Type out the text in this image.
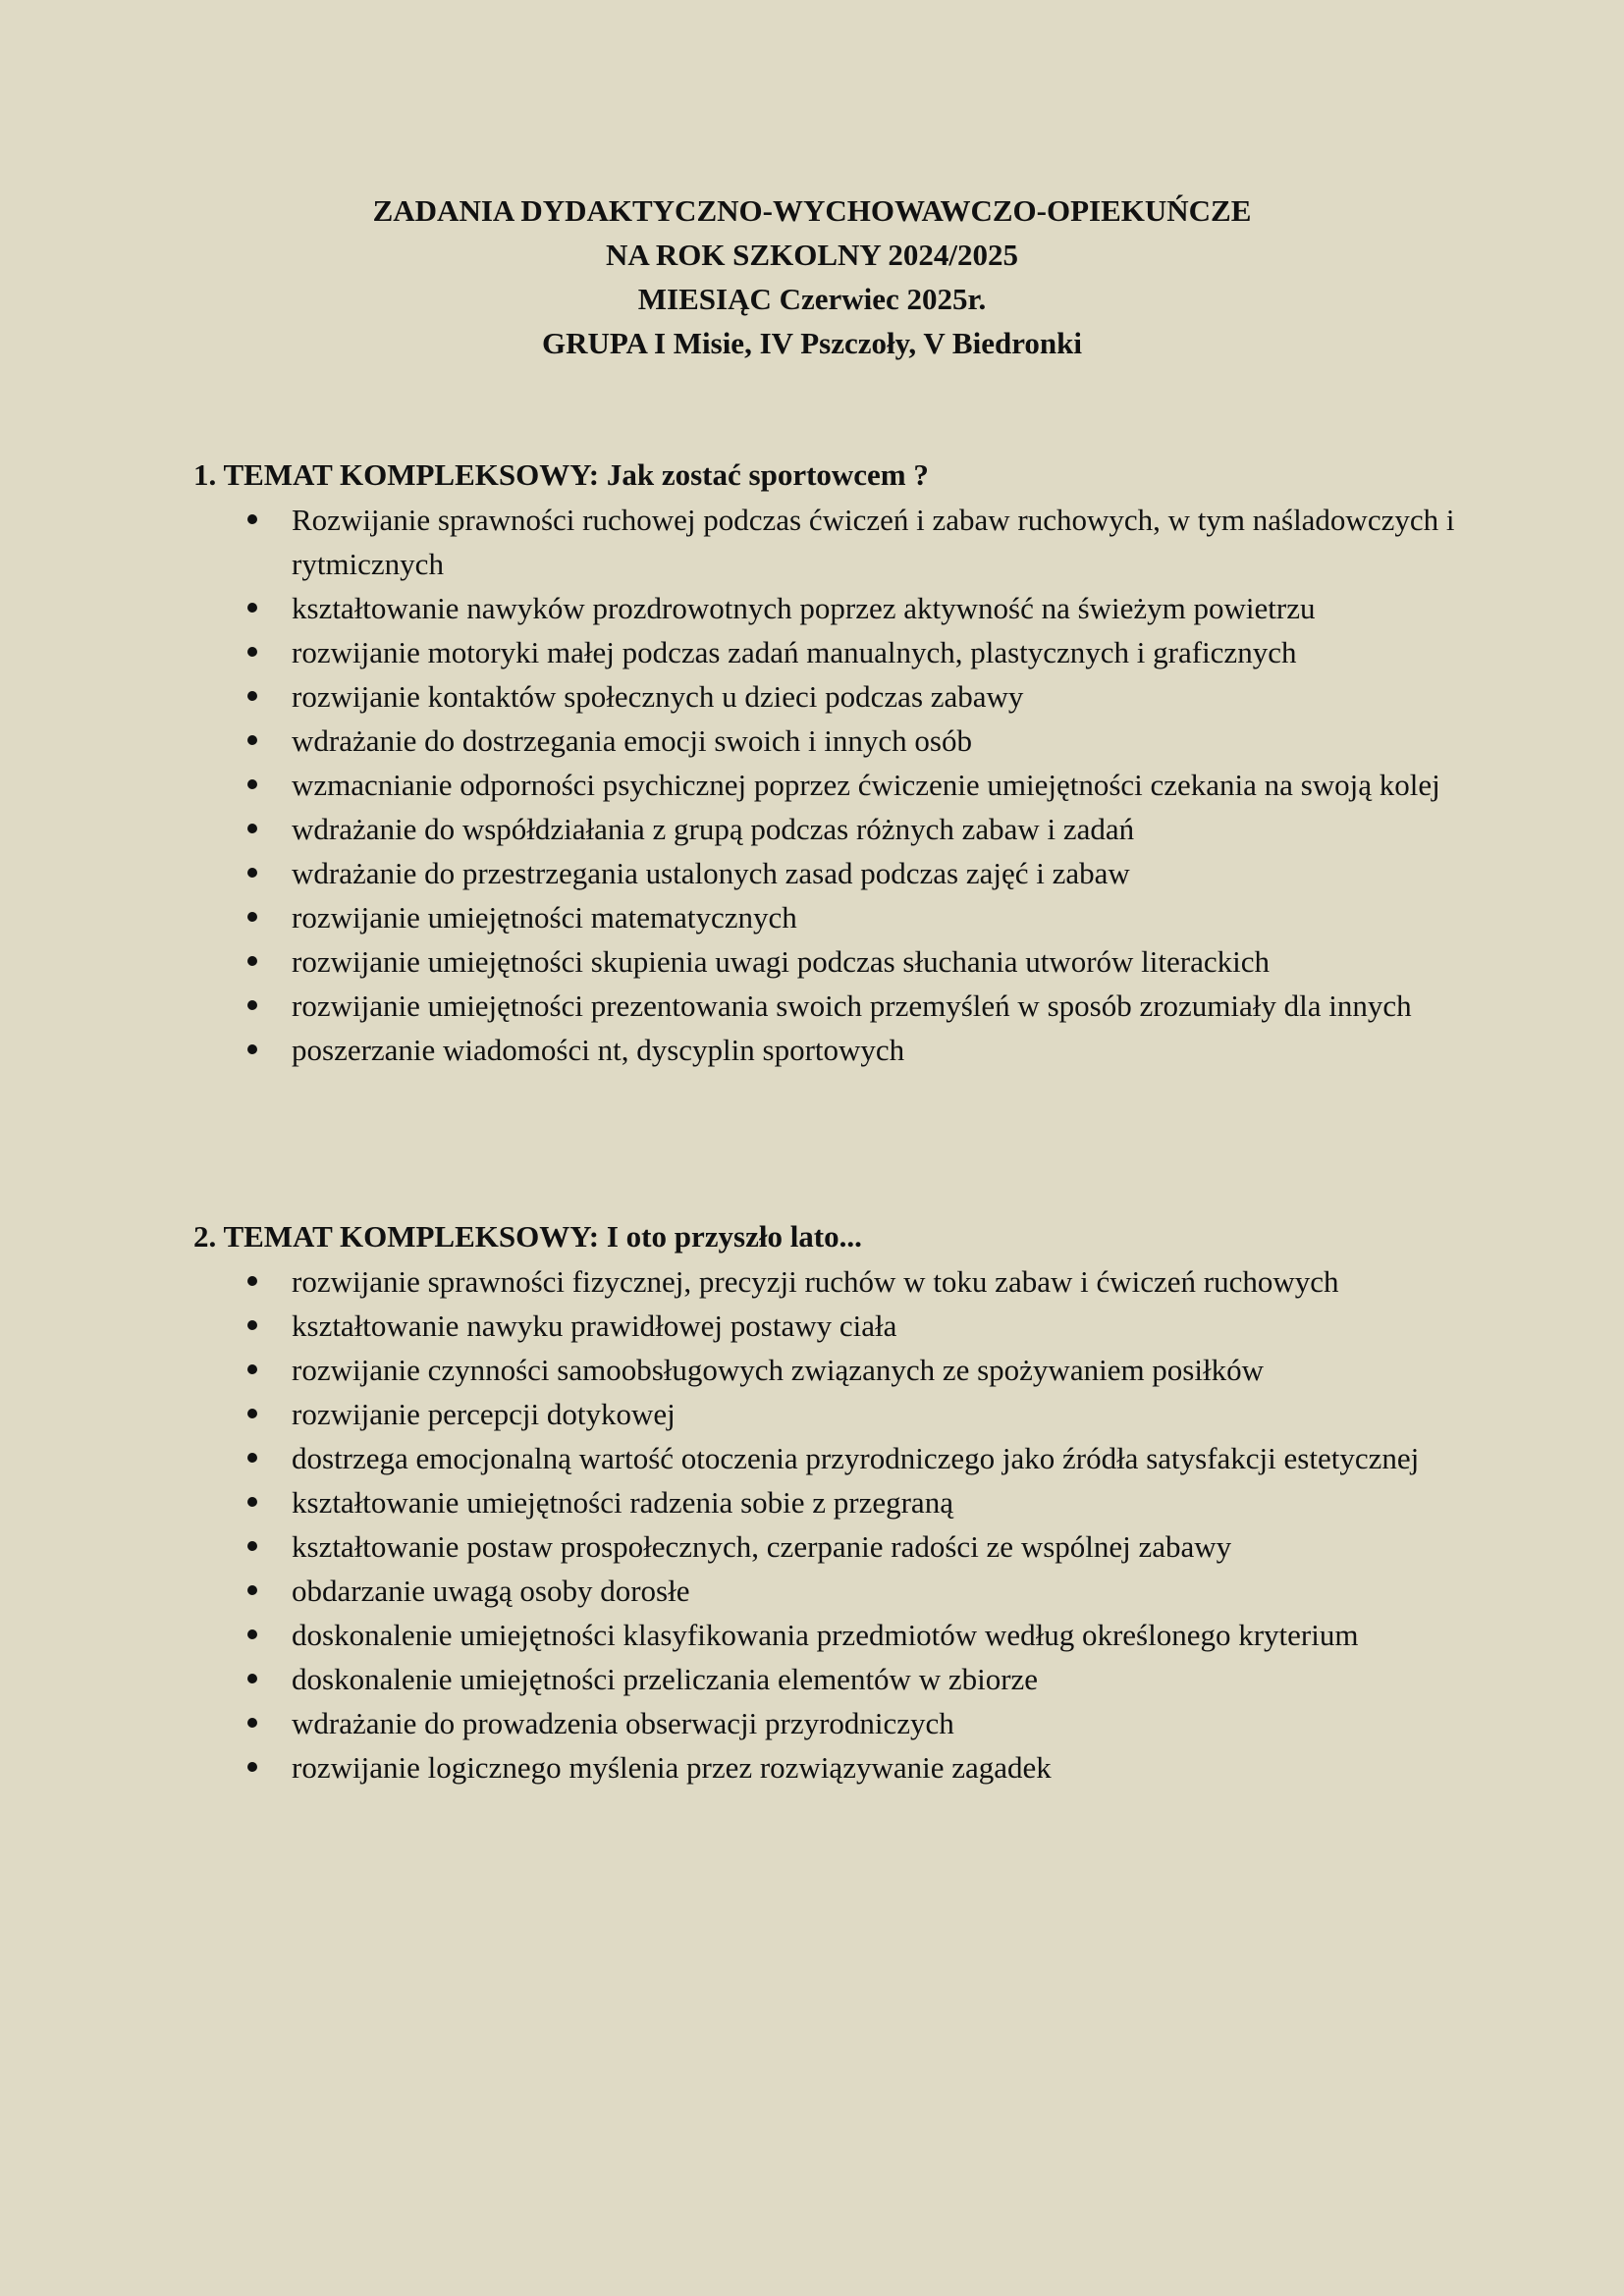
ZADANIA DYDAKTYCZNO-WYCHOWAWCZO-OPIEKUŃCZE
NA ROK SZKOLNY 2024/2025
MIESIĄC Czerwiec 2025r.
GRUPA I Misie, IV Pszczoły, V Biedronki
1. TEMAT KOMPLEKSOWY: Jak zostać sportowcem ?
Rozwijanie sprawności ruchowej podczas ćwiczeń i zabaw ruchowych, w tym naśladowczych i rytmicznych
kształtowanie nawyków prozdrowotnych poprzez aktywność na świeżym powietrzu
rozwijanie motoryki małej podczas zadań manualnych, plastycznych i graficznych
rozwijanie kontaktów społecznych u dzieci podczas zabawy
wdrażanie do dostrzegania emocji swoich i innych osób
wzmacnianie odporności psychicznej poprzez ćwiczenie umiejętności czekania na swoją kolej
wdrażanie do współdziałania z grupą podczas różnych zabaw i zadań
wdrażanie do przestrzegania ustalonych zasad podczas zajęć i zabaw
rozwijanie umiejętności matematycznych
rozwijanie umiejętności skupienia uwagi podczas słuchania utworów literackich
rozwijanie umiejętności prezentowania swoich przemyśleń w sposób zrozumiały dla innych
poszerzanie wiadomości nt, dyscyplin sportowych
2. TEMAT KOMPLEKSOWY: I oto przyszło lato...
rozwijanie sprawności fizycznej, precyzji ruchów w toku zabaw i ćwiczeń ruchowych
kształtowanie nawyku prawidłowej postawy ciała
rozwijanie czynności samoobsługowych związanych ze spożywaniem posiłków
rozwijanie percepcji dotykowej
dostrzega emocjonalną wartość otoczenia przyrodniczego jako źródła satysfakcji estetycznej
kształtowanie umiejętności radzenia sobie z przegraną
kształtowanie postaw prospołecznych, czerpanie radości ze wspólnej zabawy
obdarzanie uwagą osoby dorosłe
doskonalenie umiejętności klasyfikowania przedmiotów według określonego kryterium
doskonalenie umiejętności przeliczania elementów w zbiorze
wdrażanie do prowadzenia obserwacji przyrodniczych
rozwijanie logicznego myślenia przez rozwiązywanie zagadek
